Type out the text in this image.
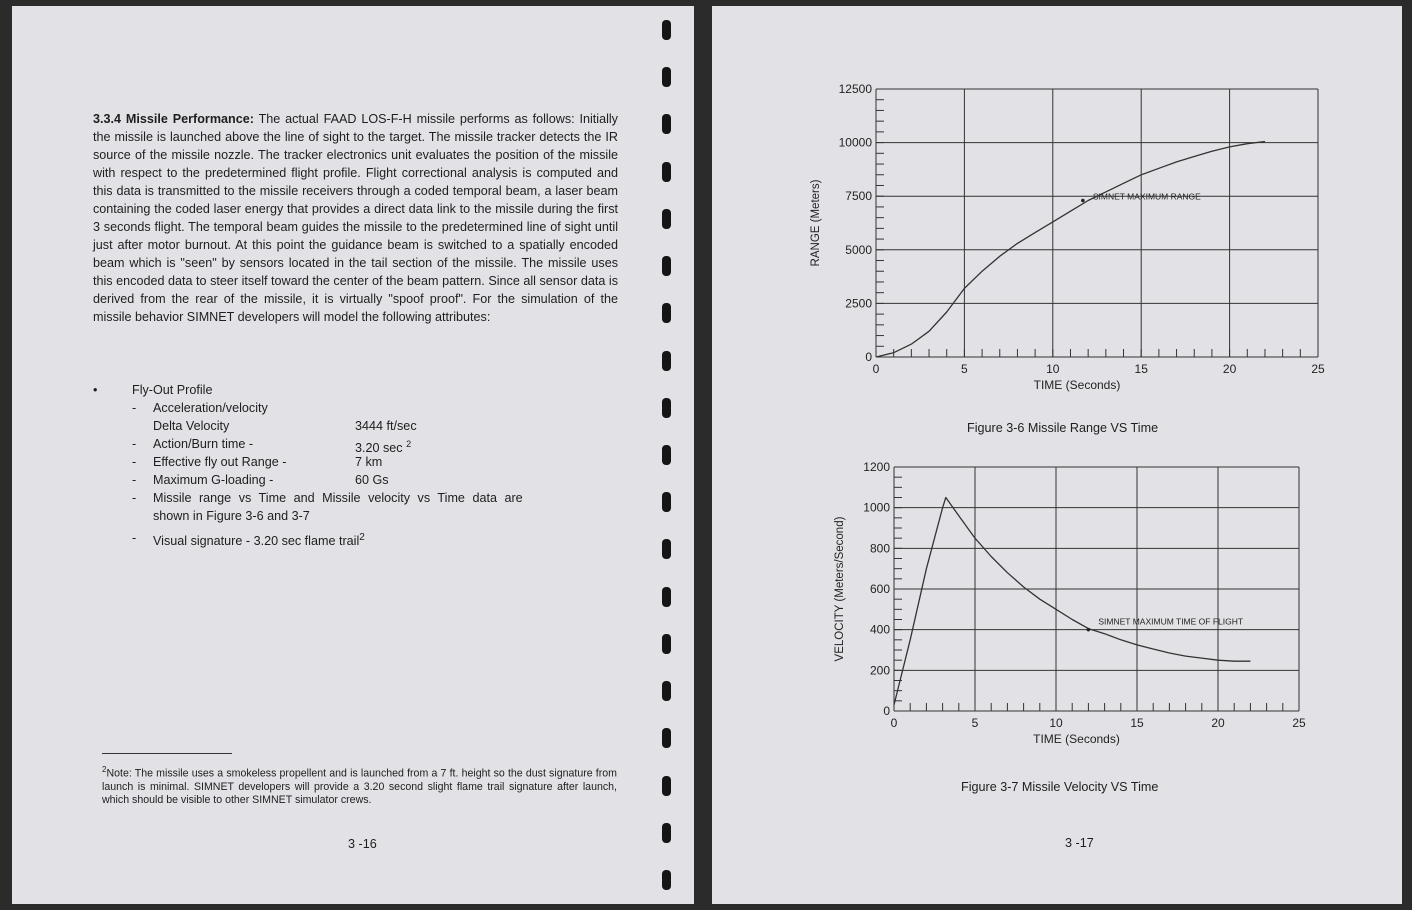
3.3.4 Missile Performance: The actual FAAD LOS-F-H missile performs as follows: Initially the missile is launched above the line of sight to the target. The missile tracker detects the IR source of the missile nozzle. The tracker electronics unit evaluates the position of the missile with respect to the predetermined flight profile. Flight correctional analysis is computed and this data is transmitted to the missile receivers through a coded temporal beam, a laser beam containing the coded laser energy that provides a direct data link to the missile during the first 3 seconds flight. The temporal beam guides the missile to the predetermined line of sight until just after motor burnout. At this point the guidance beam is switched to a spatially encoded beam which is "seen" by sensors located in the tail section of the missile. The missile uses this encoded data to steer itself toward the center of the beam pattern. Since all sensor data is derived from the rear of the missile, it is virtually "spoof proof". For the simulation of the missile behavior SIMNET developers will model the following attributes:

•	Fly-Out Profile
- Acceleration/velocity
Delta Velocity	3444 ft/sec
- Action/Burn time -	3.20 sec $^2$
- Effective fly out Range -	7 km
- Maximum G-loading -	60 Gs
- Missile range vs Time and Missile velocity vs Time data are
shown in Figure 3-6 and 3-7
- Visual signature - 3.20 sec flame trail$^2$

$^2$Note: The missile uses a smokeless propellent and is launched from a 7 ft. height so the dust signature from launch is minimal. SIMNET developers will provide a 3.20 second slight flame trail signature after launch, which should be visible to other SIMNET simulator crews.

3 -16
0	5	10	15	20	25
0
2500
5000
7500
10000
12500
TIME (Seconds)
RANGE (Meters)	SIMNET MAXIMUM RANGE
0	5	10	15	20	25
0
200
400
600
800
1000
1200
TIME (Seconds)
VELOCITY (Meters/Second)	SIMNET MAXIMUM TIME OF FLIGHT
Figure 3-6 Missile Range VS Time
Figure 3-7 Missile Velocity VS Time
3 -17
